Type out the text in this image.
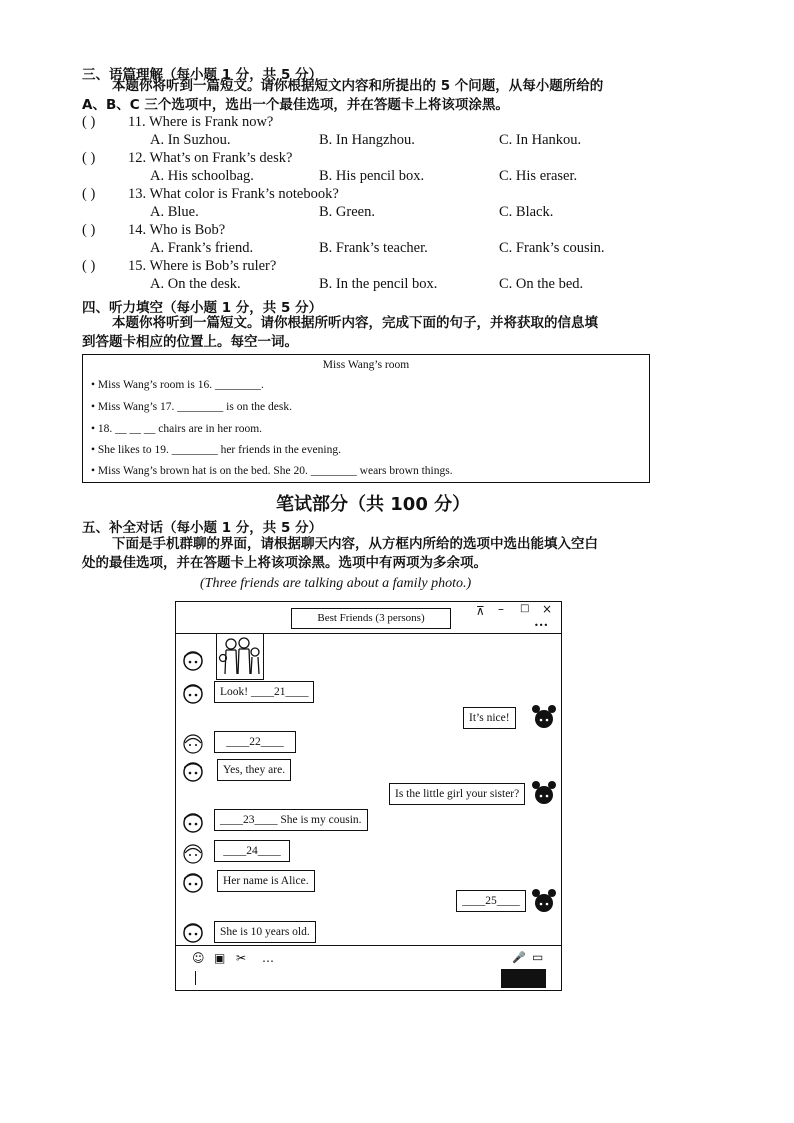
三、语篇理解（每小题 1 分，共 5 分）
本题你将听到一篇短文。请你根据短文内容和所提出的 5 个问题，从每小题所给的
A、B、C 三个选项中，选出一个最佳选项，并在答题卡上将该项涂黑。
( ) 11. Where is Frank now?
A. In Suzhou.	B. In Hangzhou.	C. In Hankou.
( ) 12. What’s on Frank’s desk?
A. His schoolbag.	B. His pencil box.	C. His eraser.
( ) 13. What color is Frank’s notebook?
A. Blue.	B. Green.	C. Black.
( ) 14. Who is Bob?
A. Frank’s friend.	B. Frank’s teacher.	C. Frank’s cousin.
( ) 15. Where is Bob’s ruler?
A. On the desk.	B. In the pencil box.	C. On the bed.
四、听力填空（每小题 1 分，共 5 分）
本题你将听到一篇短文。请你根据所听内容，完成下面的句子，并将获取的信息填
到答题卡相应的位置上。每空一词。
Miss Wang’s room
• Miss Wang’s room is 16. ________.
• Miss Wang’s 17. ________ is on the desk.
• 18. __ __ __ chairs are in her room.
• She likes to 19. ________ her friends in the evening.
• Miss Wang’s brown hat is on the bed. She 20. ________ wears brown things.
笔试部分（共 100 分）
五、补全对话（每小题 1 分，共 5 分）
下面是手机群聊的界面，请根据聊天内容，从方框内所给的选项中选出能填入空白
处的最佳选项，并在答题卡上将该项涂黑。选项中有两项为多余项。
(Three friends are talking about a family photo.)
Best Friends (3 persons)	⊼ – □ ×
•••
Look! ____21____
It’s nice!
____22____
Yes, they are.
Is the little girl your sister?
____23____ She is my cousin.
____24____
Her name is Alice.
____25____
She is 10 years old.
☺ ▣ ✂ …	🎤 ▭
